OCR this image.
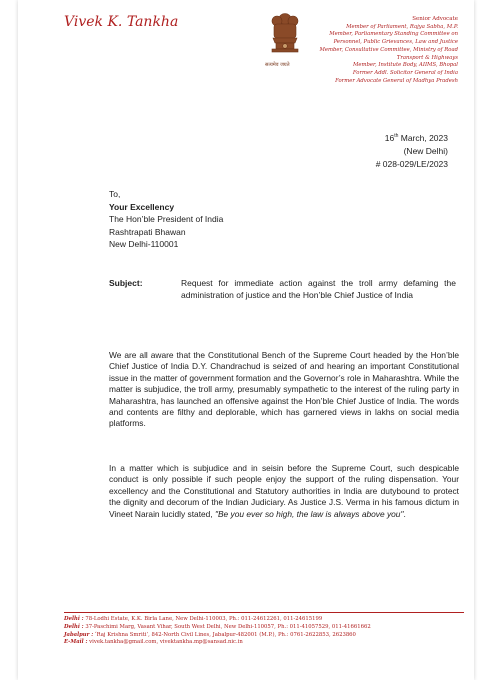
Vivek K. Tankha
सत्यमेव जयते
Senior Advocate
Member of Parliament, Rajya Sabha, M.P.
Member, Parliamentary Standing Committee on
Personnel, Public Grievances, Law and Justice
Member, Consultative Committee, Ministry of Road
Transport & Highways
Member, Institute Body, AIIMS, Bhopal
Former Addl. Solicitor General of India
Former Advocate General of Madhya Pradesh
16th March, 2023
(New Delhi)
# 028-029/LE/2023
To,
Your Excellency
The Hon’ble President of India
Rashtrapati Bhawan
New Delhi-110001
Subject:	Request for immediate action against the troll army defaming the administration of justice and the Hon’ble Chief Justice of India
We are all aware that the Constitutional Bench of the Supreme Court headed by the Hon’ble Chief Justice of India D.Y. Chandrachud is seized of and hearing an important Constitutional issue in the matter of government formation and the Governor’s role in Maharashtra. While the matter is subjudice, the troll army, presumably sympathetic to the interest of the ruling party in Maharashtra, has launched an offensive against the Hon’ble Chief Justice of India. The words and contents are filthy and deplorable, which has garnered views in lakhs on social media platforms.
In a matter which is subjudice and in seisin before the Supreme Court, such despicable conduct is only possible if such people enjoy the support of the ruling dispensation. Your excellency and the Constitutional and Statutory authorities in India are dutybound to protect the dignity and decorum of the Indian Judiciary. As Justice J.S. Verma in his famous dictum in Vineet Narain lucidly stated, "Be you ever so high, the law is always above you".
Delhi : 78-Lodhi Estate, K.K. Birla Lane, New Delhi-110003, Ph.: 011-24612261, 011-24615199
Delhi : 37-Paschimi Marg, Vasant Vihar, South West Delhi, New Delhi-110057, Ph.: 011-41057529, 011-41661662
Jabalpur : ‘Raj Krishna Smriti’, 842-North Civil Lines, Jabalpur-482001 (M.P.), Ph.: 0761-2622853, 2623860
E-Mail : vivek.tankha@gmail.com, vivektankha.mp@sansad.nic.in
